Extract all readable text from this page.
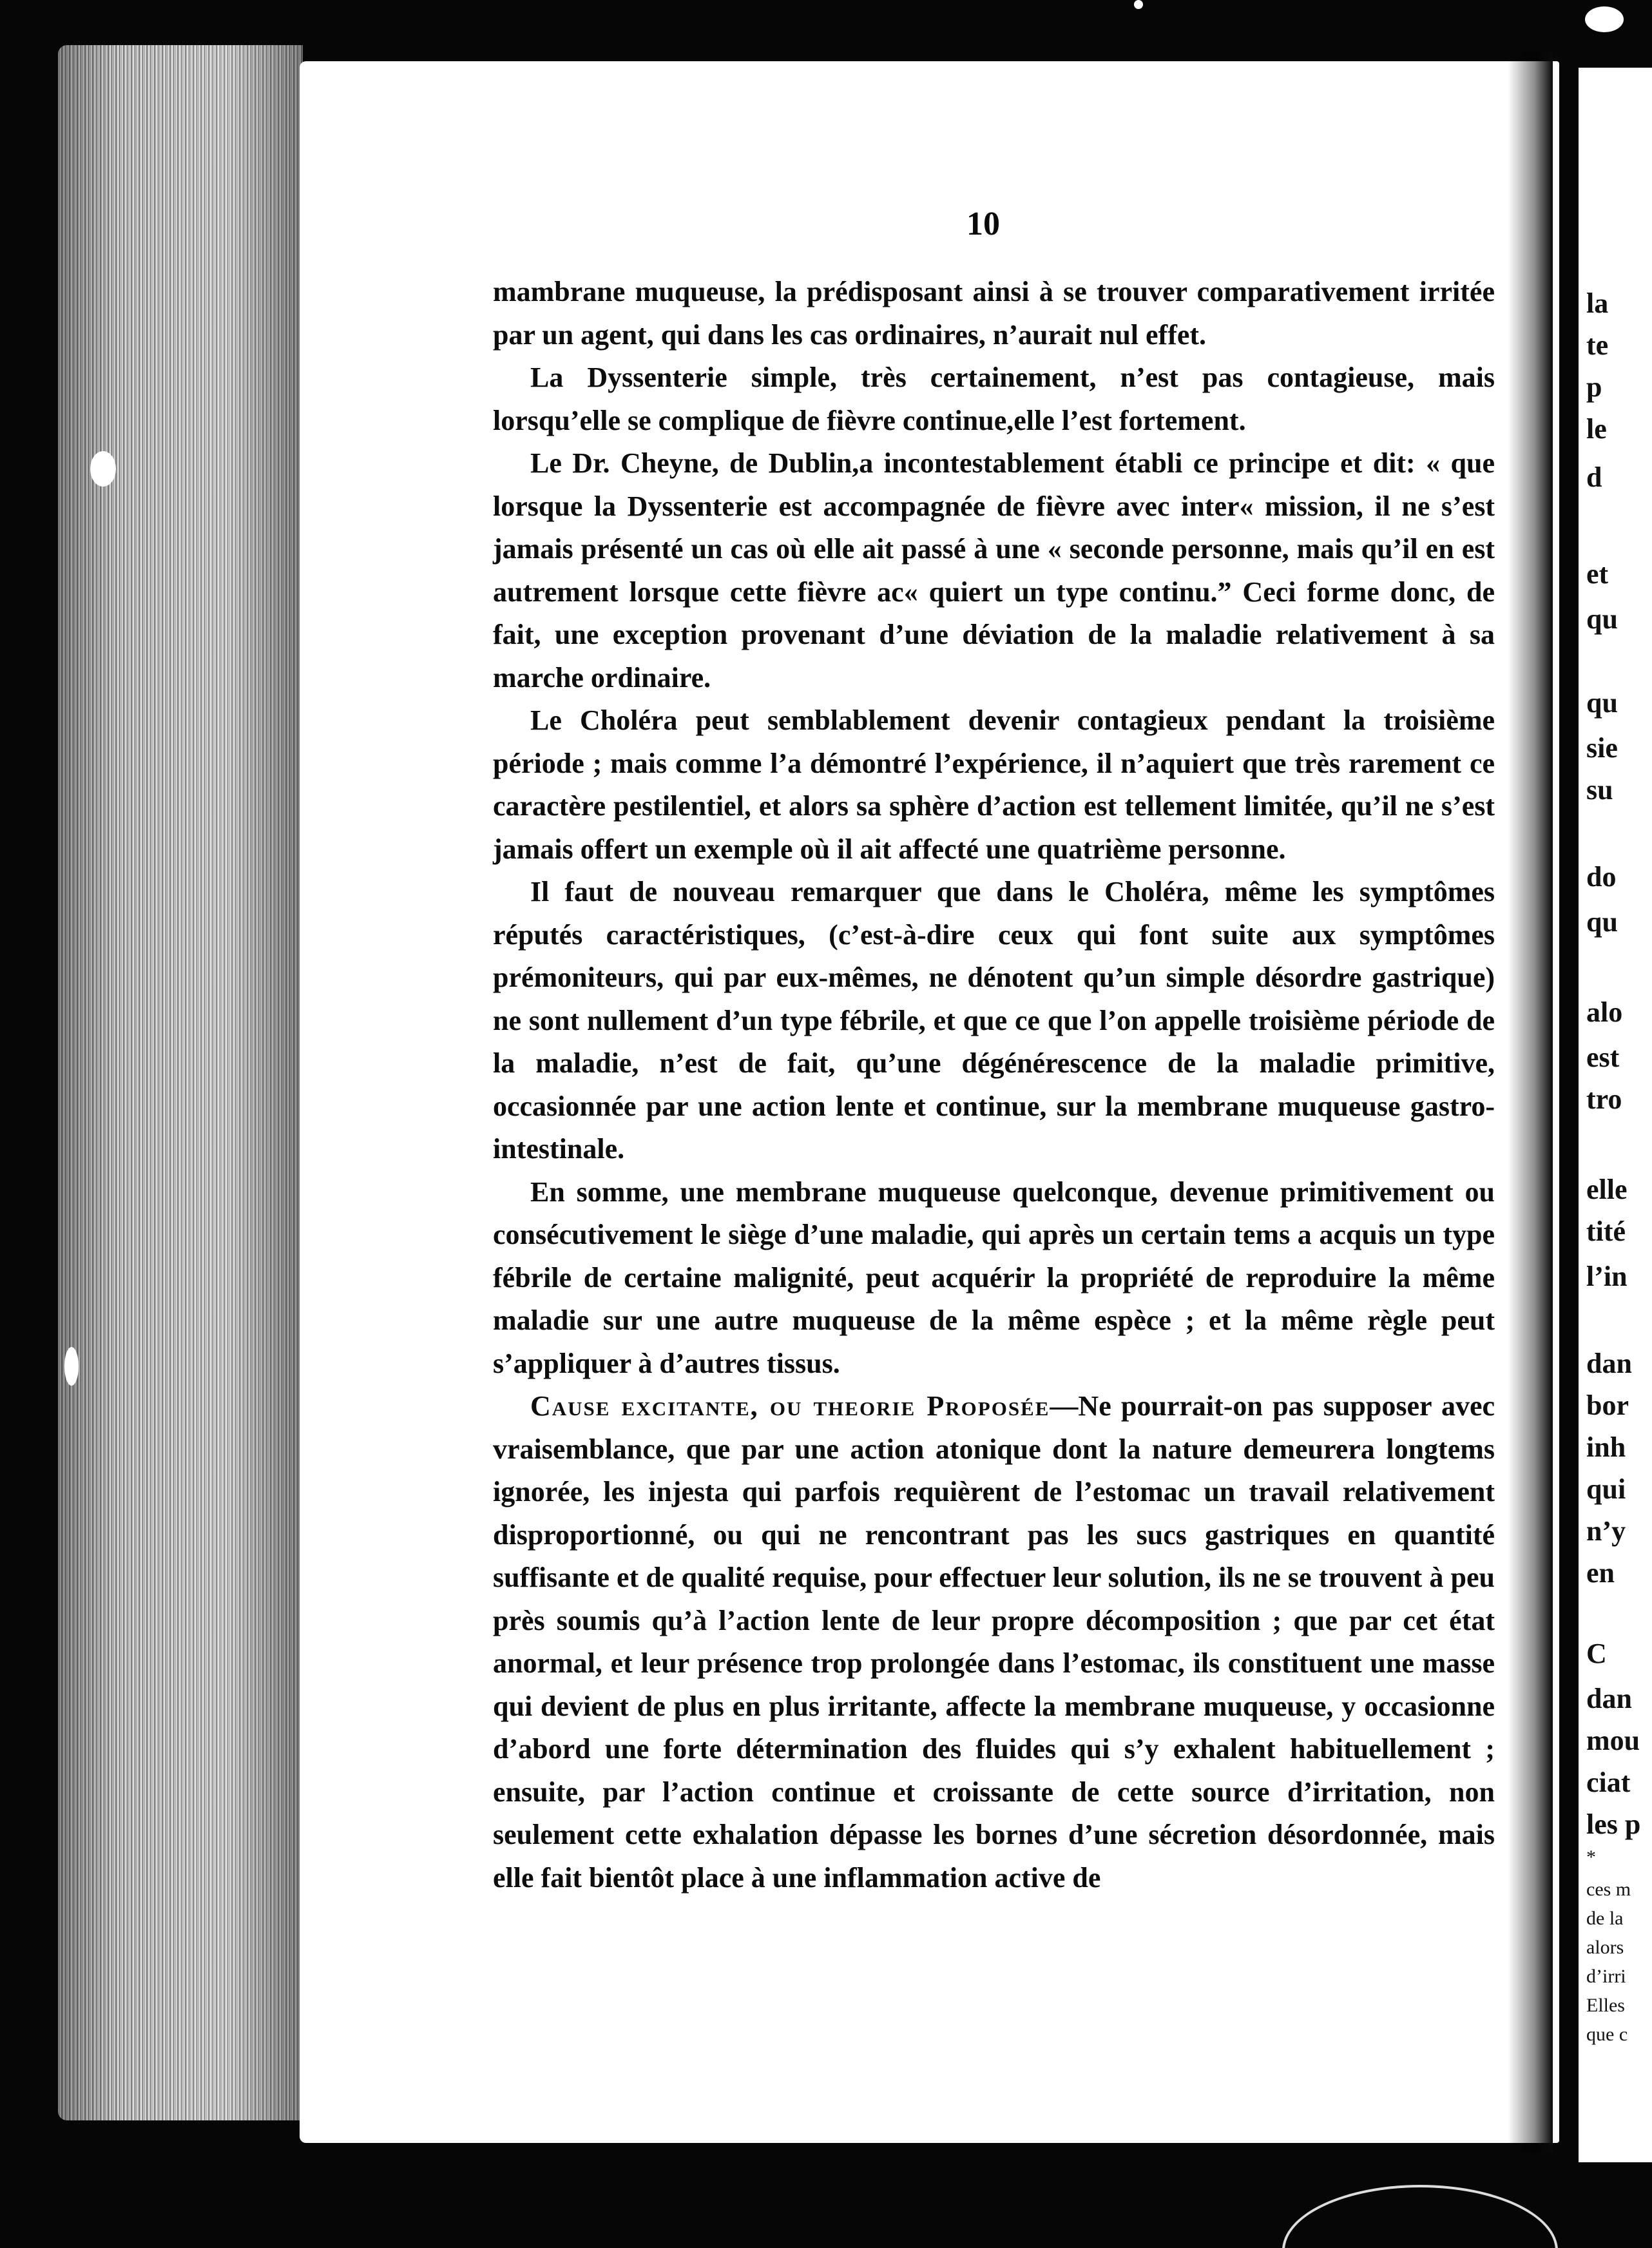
10

mambrane muqueuse, la prédisposant ainsi à se trouver comparativement irritée par un agent, qui dans les cas ordinaires, n’aurait nul effet.

La Dyssenterie simple, très certainement, n’est pas contagieuse, mais lorsqu’elle se complique de fièvre continue,elle l’est fortement.

Le Dr. Cheyne, de Dublin,a incontestablement établi ce principe et dit: « que lorsque la Dyssenterie est accompagnée de fièvre avec inter« mission, il ne s’est jamais présenté un cas où elle ait passé à une « seconde personne, mais qu’il en est autrement lorsque cette fièvre ac« quiert un type continu.” Ceci forme donc, de fait, une exception provenant d’une déviation de la maladie relativement à sa marche ordinaire.

Le Choléra peut semblablement devenir contagieux pendant la troisième période ; mais comme l’a démontré l’expérience, il n’aquiert que très rarement ce caractère pestilentiel, et alors sa sphère d’action est tellement limitée, qu’il ne s’est jamais offert un exemple où il ait affecté une quatrième personne.

Il faut de nouveau remarquer que dans le Choléra, même les symptômes réputés caractéristiques, (c’est-à-dire ceux qui font suite aux symptômes prémoniteurs, qui par eux-mêmes, ne dénotent qu’un simple désordre gastrique) ne sont nullement d’un type fébrile, et que ce que l’on appelle troisième période de la maladie, n’est de fait, qu’une dégénérescence de la maladie primitive, occasionnée par une action lente et continue, sur la membrane muqueuse gastro-intestinale.

En somme, une membrane muqueuse quelconque, devenue primitivement ou consécutivement le siège d’une maladie, qui après un certain tems a acquis un type fébrile de certaine malignité, peut acquérir la propriété de reproduire la même maladie sur une autre muqueuse de la même espèce ; et la même règle peut s’appliquer à d’autres tissus.

Cause excitante, ou theorie Proposée—Ne pourrait-on pas supposer avec vraisemblance, que par une action atonique dont la nature demeurera longtems ignorée, les injesta qui parfois requièrent de l’estomac un travail relativement disproportionné, ou qui ne rencontrant pas les sucs gastriques en quantité suffisante et de qualité requise, pour effectuer leur solution, ils ne se trouvent à peu près soumis qu’à l’action lente de leur propre décomposition ; que par cet état anormal, et leur présence trop prolongée dans l’estomac, ils constituent une masse qui devient de plus en plus irritante, affecte la membrane muqueuse, y occasionne d’abord une forte détermination des fluides qui s’y exhalent habituellement ; ensuite, par l’action continue et croissante de cette source d’irritation, non seulement cette exhalation dépasse les bornes d’une sécretion désordonnée, mais elle fait bientôt place à une inflammation active de

la
te
p
le
d
et
qu
qu
sie
su
do
qu
alo
est
tro
elle
tité
l’in
dan
bor
inh
qui
n’y
en
C
dan
mou
ciat
les p
*
ces m
de la
alors
d’irri
Elles
que c
